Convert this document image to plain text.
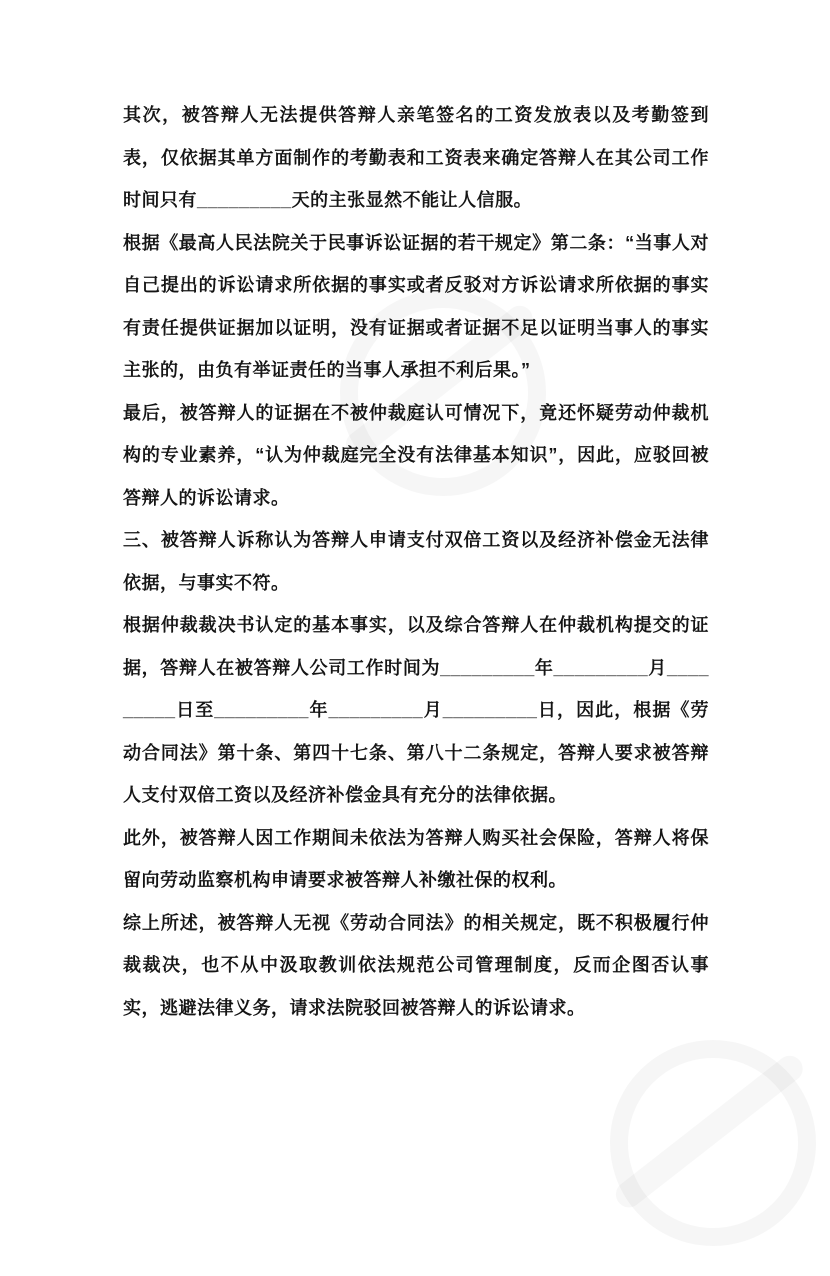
其次，被答辩人无法提供答辩人亲笔签名的工资发放表以及考勤签到表，仅依据其单方面制作的考勤表和工资表来确定答辩人在其公司工作时间只有_________天的主张显然不能让人信服。

根据《最高人民法院关于民事诉讼证据的若干规定》第二条：“当事人对自己提出的诉讼请求所依据的事实或者反驳对方诉讼请求所依据的事实有责任提供证据加以证明，没有证据或者证据不足以证明当事人的事实主张的，由负有举证责任的当事人承担不利后果。”

最后，被答辩人的证据在不被仲裁庭认可情况下，竟还怀疑劳动仲裁机构的专业素养，“认为仲裁庭完全没有法律基本知识”，因此，应驳回被答辩人的诉讼请求。

三、被答辩人诉称认为答辩人申请支付双倍工资以及经济补偿金无法律依据，与事实不符。

根据仲裁裁决书认定的基本事实，以及综合答辩人在仲裁机构提交的证据，答辩人在被答辩人公司工作时间为_________年_________月_________日至_________年_________月_________日，因此，根据《劳动合同法》第十条、第四十七条、第八十二条规定，答辩人要求被答辩人支付双倍工资以及经济补偿金具有充分的法律依据。

此外，被答辩人因工作期间未依法为答辩人购买社会保险，答辩人将保留向劳动监察机构申请要求被答辩人补缴社保的权利。

综上所述，被答辩人无视《劳动合同法》的相关规定，既不积极履行仲裁裁决，也不从中汲取教训依法规范公司管理制度，反而企图否认事实，逃避法律义务，请求法院驳回被答辩人的诉讼请求。
